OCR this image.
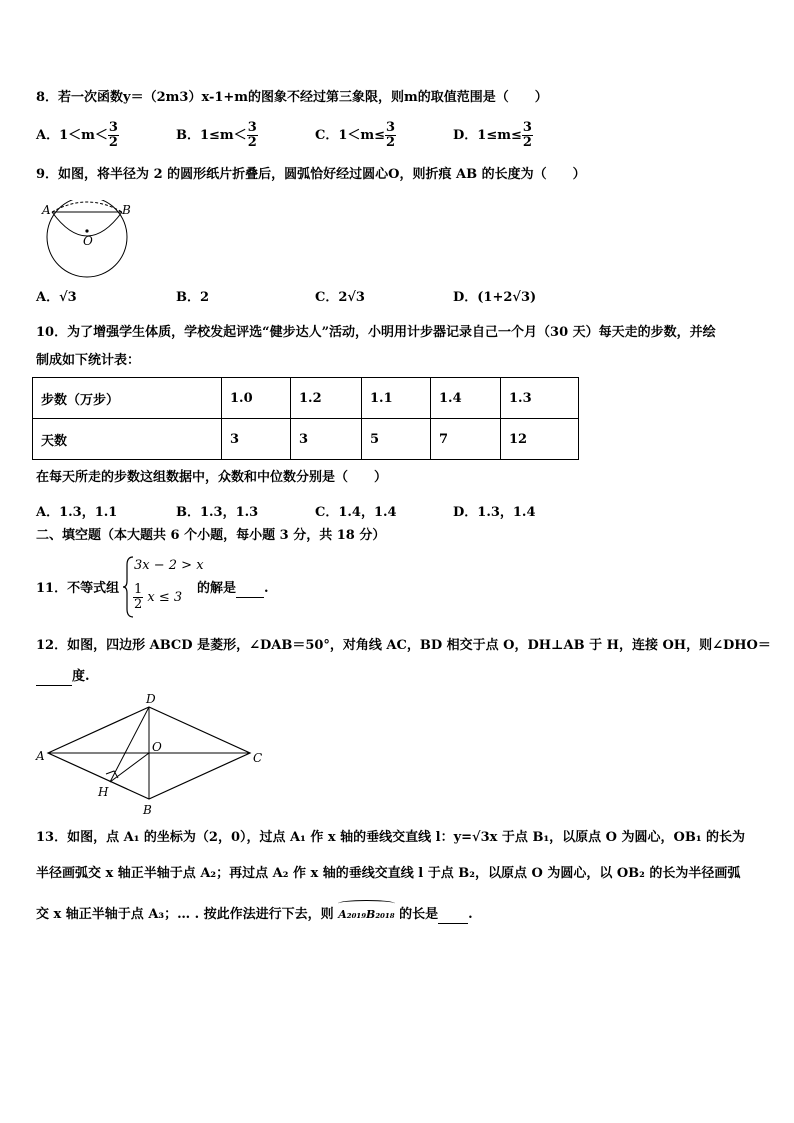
8．若一次函数y＝（2m3）x-1+m的图象不经过第三象限，则m的取值范围是（　　）
A．$1<m< \frac{3}{2}$	B．$1\le m< \frac{3}{2}$	C．$1<m\le \frac{3}{2}$	D．$1\le m\le \frac{3}{2}$
9．如图，将半径为 2 的圆形纸片折叠后，圆弧恰好经过圆心O，则折痕 AB 的长度为（　　）
A	B
O
A．√3	B．2	C．2√3	D．(1+2√3)
10．为了增强学生体质，学校发起评选“健步达人”活动，小明用计步器记录自己一个月（30 天）每天走的步数，并绘
制成如下统计表：
步数（万步）	1.0	1.2	1.1	1.4	1.3
天数	3	3	5	7	12
在每天所走的步数这组数据中，众数和中位数分别是（　　）
A．1.3，1.1	B．1.3，1.3	C．1.4，1.4	D．1.3，1.4
二、填空题（本大题共 6 个小题，每小题 3 分，共 18 分）
11．不等式组
3x − 2 > x
$\frac{1}{2}$ x ≤ 3
的解是 .
12．如图，四边形 ABCD 是菱形，∠DAB＝50°，对角线 AC，BD 相交于点 O，DH⊥AB 于 H，连接 OH，则∠DHO＝
度.
A
D
C
O
H
B
13．如图，点 A₁ 的坐标为（2，0），过点 A₁ 作 x 轴的垂线交直线 l：y=√3x 于点 B₁，以原点 O 为圆心，OB₁ 的长为
半径画弧交 x 轴正半轴于点 A₂；再过点 A₂ 作 x 轴的垂线交直线 l 于点 B₂，以原点 O 为圆心，以 OB₂ 的长为半径画弧
交 x 轴正半轴于点 A₃；… . 按此作法进行下去，则 A₂₀₁₉B₂₀₁₈ 的长是 .
